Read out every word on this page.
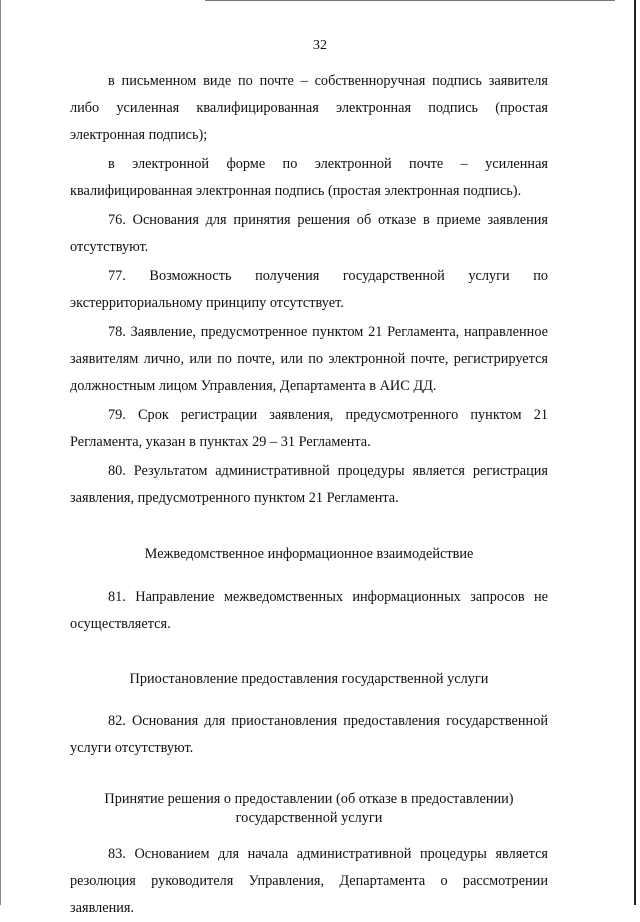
32

в письменном виде по почте – собственноручная подпись заявителя либо усиленная квалифицированная электронная подпись (простая электронная подпись);

в электронной форме по электронной почте – усиленная квалифицированная электронная подпись (простая электронная подпись).

76. Основания для принятия решения об отказе в приеме заявления отсутствуют.

77. Возможность получения государственной услуги по экстерриториальному принципу отсутствует.

78. Заявление, предусмотренное пунктом 21 Регламента, направленное заявителям лично, или по почте, или по электронной почте, регистрируется должностным лицом Управления, Департамента в АИС ДД.

79. Срок регистрации заявления, предусмотренного пунктом 21 Регламента, указан в пунктах 29 – 31 Регламента.

80. Результатом административной процедуры является регистрация заявления, предусмотренного пунктом 21 Регламента.

Межведомственное информационное взаимодействие

81. Направление межведомственных информационных запросов не осуществляется.

Приостановление предоставления государственной услуги

82. Основания для приостановления предоставления государственной услуги отсутствуют.

Принятие решения о предоставлении (об отказе в предоставлении)
государственной услуги

83. Основанием для начала административной процедуры является резолюция руководителя Управления, Департамента о рассмотрении заявления.
